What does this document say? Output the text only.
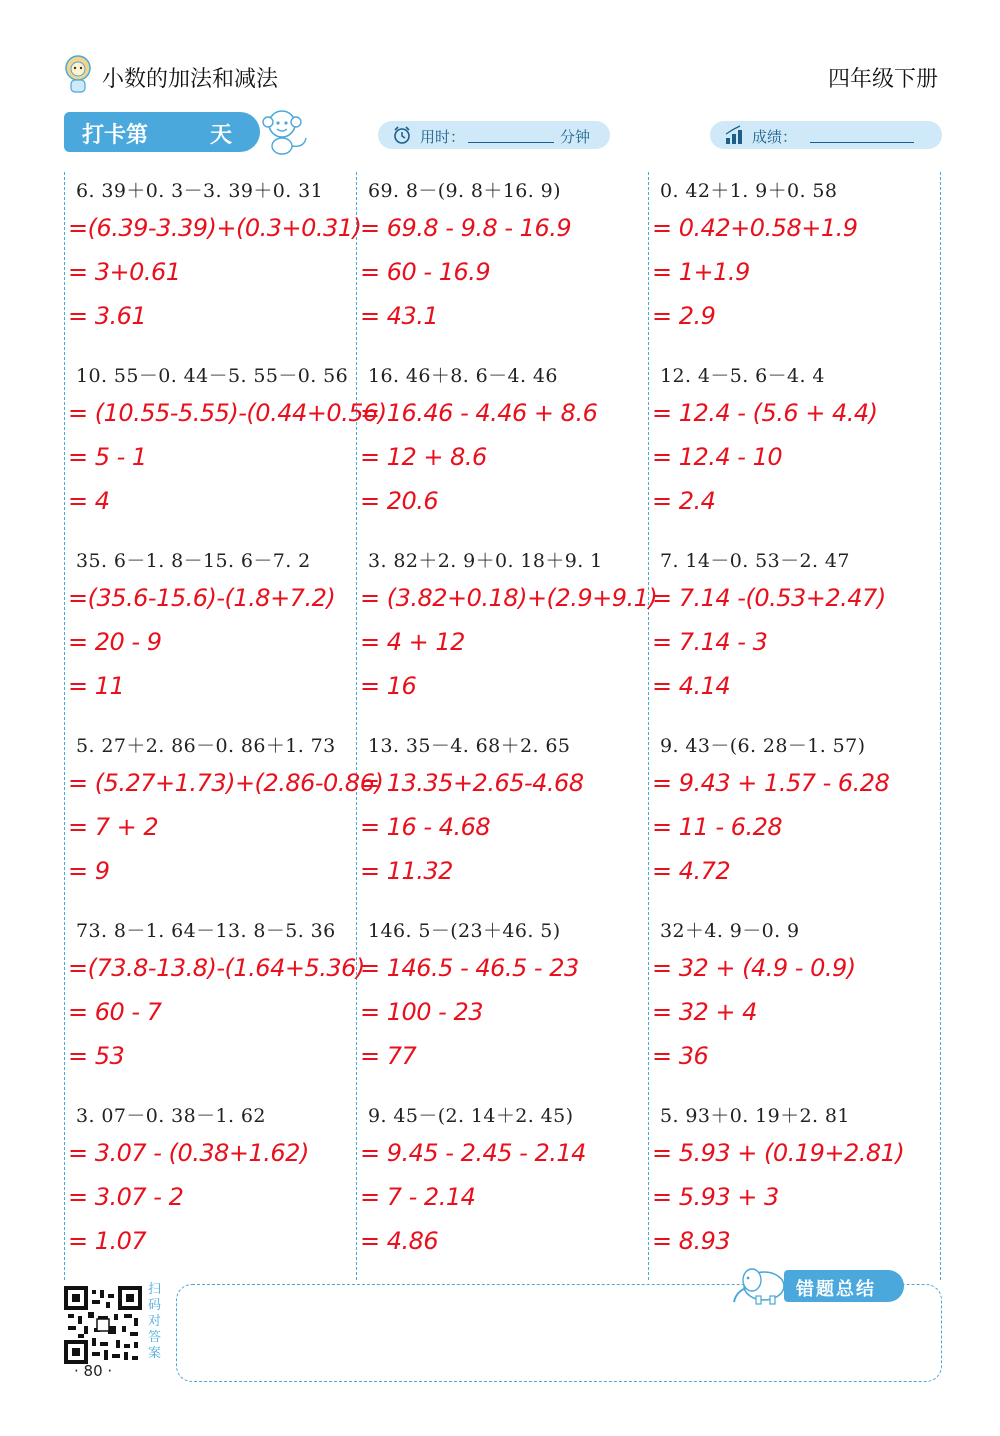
小数的加法和减法	四年级下册
打卡第	天	用时：	分钟	成绩：
6. 39＋0. 3－3. 39＋0. 31
=(6.39-3.39)+(0.3+0.31)
= 3+0.61
= 3.61
69. 8－(9. 8＋16. 9)
= 69.8 - 9.8 - 16.9
= 60 - 16.9
= 43.1
0. 42＋1. 9＋0. 58
= 0.42+0.58+1.9
= 1+1.9
= 2.9
10. 55－0. 44－5. 55－0. 56
= (10.55-5.55)-(0.44+0.56)
= 5 - 1
= 4
16. 46＋8. 6－4. 46
= 16.46 - 4.46 + 8.6
= 12 + 8.6
= 20.6
12. 4－5. 6－4. 4
= 12.4 - (5.6 + 4.4)
= 12.4 - 10
= 2.4
35. 6－1. 8－15. 6－7. 2
=(35.6-15.6)-(1.8+7.2)
= 20 - 9
= 11
3. 82＋2. 9＋0. 18＋9. 1
= (3.82+0.18)+(2.9+9.1)
= 4 + 12
= 16
7. 14－0. 53－2. 47
= 7.14 -(0.53+2.47)
= 7.14 - 3
= 4.14
5. 27＋2. 86－0. 86＋1. 73
= (5.27+1.73)+(2.86-0.86)
= 7 + 2
= 9
13. 35－4. 68＋2. 65
= 13.35+2.65-4.68
= 16 - 4.68
= 11.32
9. 43－(6. 28－1. 57)
= 9.43 + 1.57 - 6.28
= 11 - 6.28
= 4.72
73. 8－1. 64－13. 8－5. 36
=(73.8-13.8)-(1.64+5.36)
= 60 - 7
= 53
146. 5－(23＋46. 5)
= 146.5 - 46.5 - 23
= 100 - 23
= 77
32＋4. 9－0. 9
= 32 + (4.9 - 0.9)
= 32 + 4
= 36
3. 07－0. 38－1. 62
= 3.07 - (0.38+1.62)
= 3.07 - 2
= 1.07
9. 45－(2. 14＋2. 45)
= 9.45 - 2.45 - 2.14
= 7 - 2.14
= 4.86
5. 93＋0. 19＋2. 81
= 5.93 + (0.19+2.81)
= 5.93 + 3
= 8.93
扫
码
对
答
案
· 80 ·
错题总结
